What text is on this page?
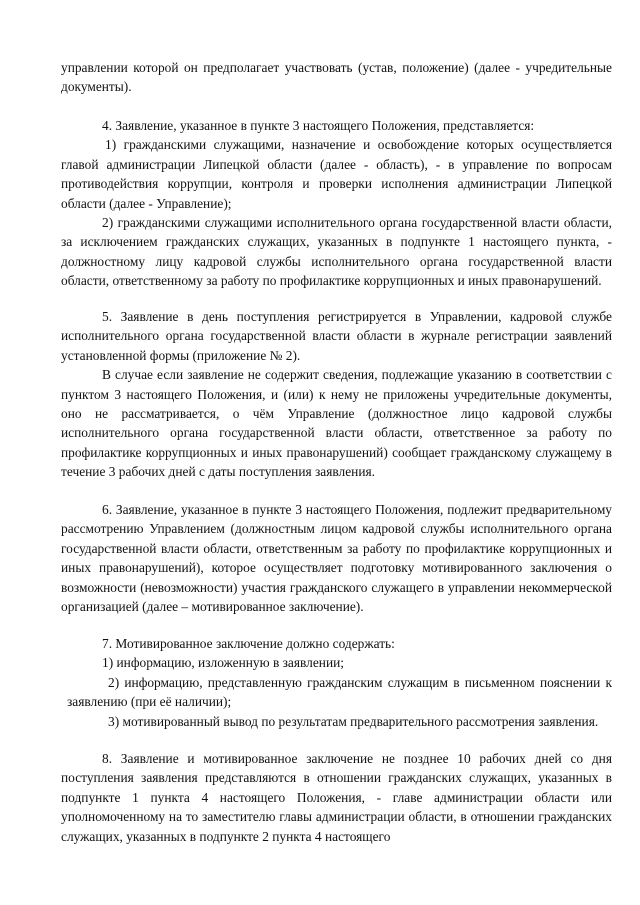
управлении которой он предполагает участвовать (устав, положение) (далее - учредительные документы).

4. Заявление, указанное в пункте 3 настоящего Положения, представляется:

1) гражданскими служащими, назначение и освобождение которых осуществляется главой администрации Липецкой области (далее - область), - в управление по вопросам противодействия коррупции, контроля и проверки исполнения администрации Липецкой области (далее - Управление);

2) гражданскими служащими исполнительного органа государственной власти области, за исключением гражданских служащих, указанных в подпункте 1 настоящего пункта, - должностному лицу кадровой службы исполнительного органа государственной власти области, ответственному за работу по профилактике коррупционных и иных правонарушений.

5. Заявление в день поступления регистрируется в Управлении, кадровой службе исполнительного органа государственной власти области в журнале регистрации заявлений установленной формы (приложение № 2).

В случае если заявление не содержит сведения, подлежащие указанию в соответствии с пунктом 3 настоящего Положения, и (или) к нему не приложены учредительные документы, оно не рассматривается, о чём Управление (должностное лицо кадровой службы исполнительного органа государственной власти области, ответственное за работу по профилактике коррупционных и иных правонарушений) сообщает гражданскому служащему в течение 3 рабочих дней с даты поступления заявления.

6. Заявление, указанное в пункте 3 настоящего Положения, подлежит предварительному рассмотрению Управлением (должностным лицом кадровой службы исполнительного органа государственной власти области, ответственным за работу по профилактике коррупционных и иных правонарушений), которое осуществляет подготовку мотивированного заключения о возможности (невозможности) участия гражданского служащего в управлении некоммерческой организацией (далее – мотивированное заключение).

7. Мотивированное заключение должно содержать:

1) информацию, изложенную в заявлении;

2) информацию, представленную гражданским служащим в письменном пояснении к заявлению (при её наличии);

3) мотивированный вывод по результатам предварительного рассмотрения заявления.

8. Заявление и мотивированное заключение не позднее 10 рабочих дней со дня поступления заявления представляются в отношении гражданских служащих, указанных в подпункте 1 пункта 4 настоящего Положения, - главе администрации области или уполномоченному на то заместителю главы администрации области, в отношении гражданских служащих, указанных в подпункте 2 пункта 4 настоящего
